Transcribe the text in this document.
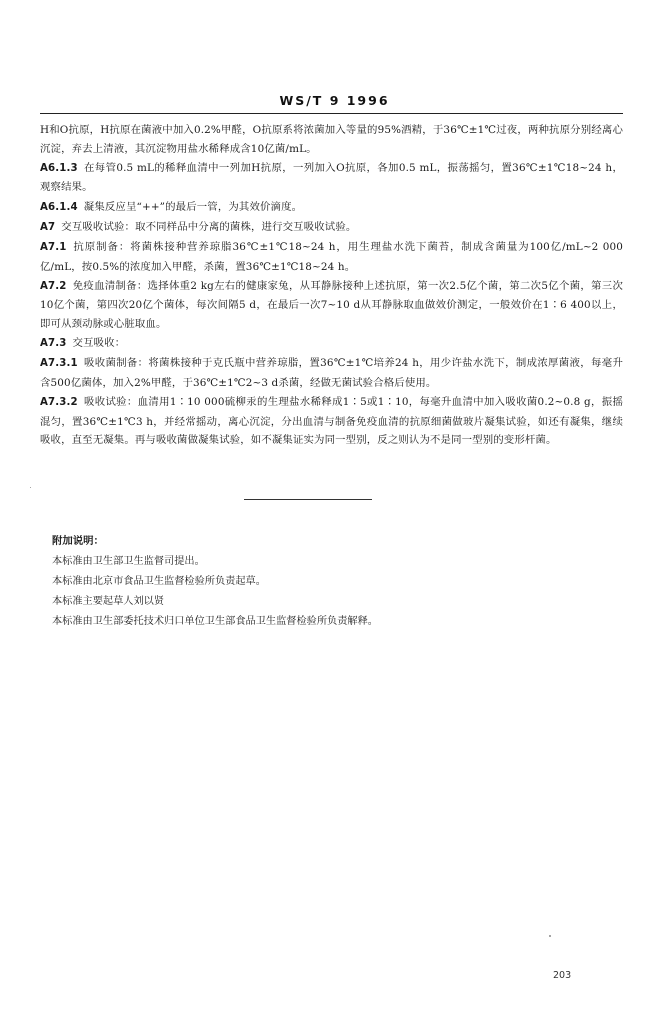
WS/T 9 1996

H和O抗原，H抗原在菌液中加入0.2%甲醛，O抗原系将浓菌加入等量的95%酒精，于36℃±1℃过夜，两种抗原分别经离心沉淀，弃去上清液，其沉淀物用盐水稀释成含10亿菌/mL。

A6.1.3 在每管0.5 mL的稀释血清中一列加H抗原，一列加入O抗原，各加0.5 mL，振荡摇匀，置36℃±1℃18~24 h，观察结果。

A6.1.4 凝集反应呈“++”的最后一管，为其效价滴度。

A7 交互吸收试验：取不同样品中分离的菌株，进行交互吸收试验。

A7.1 抗原制备：将菌株接种营养琼脂36℃±1℃18~24 h，用生理盐水洗下菌苔，制成含菌量为100亿/mL~2 000亿/mL，按0.5%的浓度加入甲醛，杀菌，置36℃±1℃18~24 h。

A7.2 免疫血清制备：选择体重2 kg左右的健康家兔，从耳静脉接种上述抗原，第一次2.5亿个菌，第二次5亿个菌，第三次10亿个菌，第四次20亿个菌体，每次间隔5 d，在最后一次7~10 d从耳静脉取血做效价测定，一般效价在1∶6 400以上，即可从颈动脉或心脏取血。

A7.3 交互吸收：

A7.3.1 吸收菌制备：将菌株接种于克氏瓶中营养琼脂，置36℃±1℃培养24 h，用少许盐水洗下，制成浓厚菌液，每毫升含500亿菌体，加入2%甲醛，于36℃±1℃2~3 d杀菌，经做无菌试验合格后使用。

A7.3.2 吸收试验：血清用1∶10 000硫柳汞的生理盐水稀释成1∶5或1∶10，每毫升血清中加入吸收菌0.2~0.8 g，振摇混匀，置36℃±1℃3 h，并经常摇动，离心沉淀，分出血清与制备免疫血清的抗原细菌做玻片凝集试验，如还有凝集，继续吸收，直至无凝集。再与吸收菌做凝集试验，如不凝集证实为同一型别，反之则认为不是同一型别的变形杆菌。

附加说明：
本标准由卫生部卫生监督司提出。
本标准由北京市食品卫生监督检验所负责起草。
本标准主要起草人刘以贤
本标准由卫生部委托技术归口单位卫生部食品卫生监督检验所负责解释。
203
